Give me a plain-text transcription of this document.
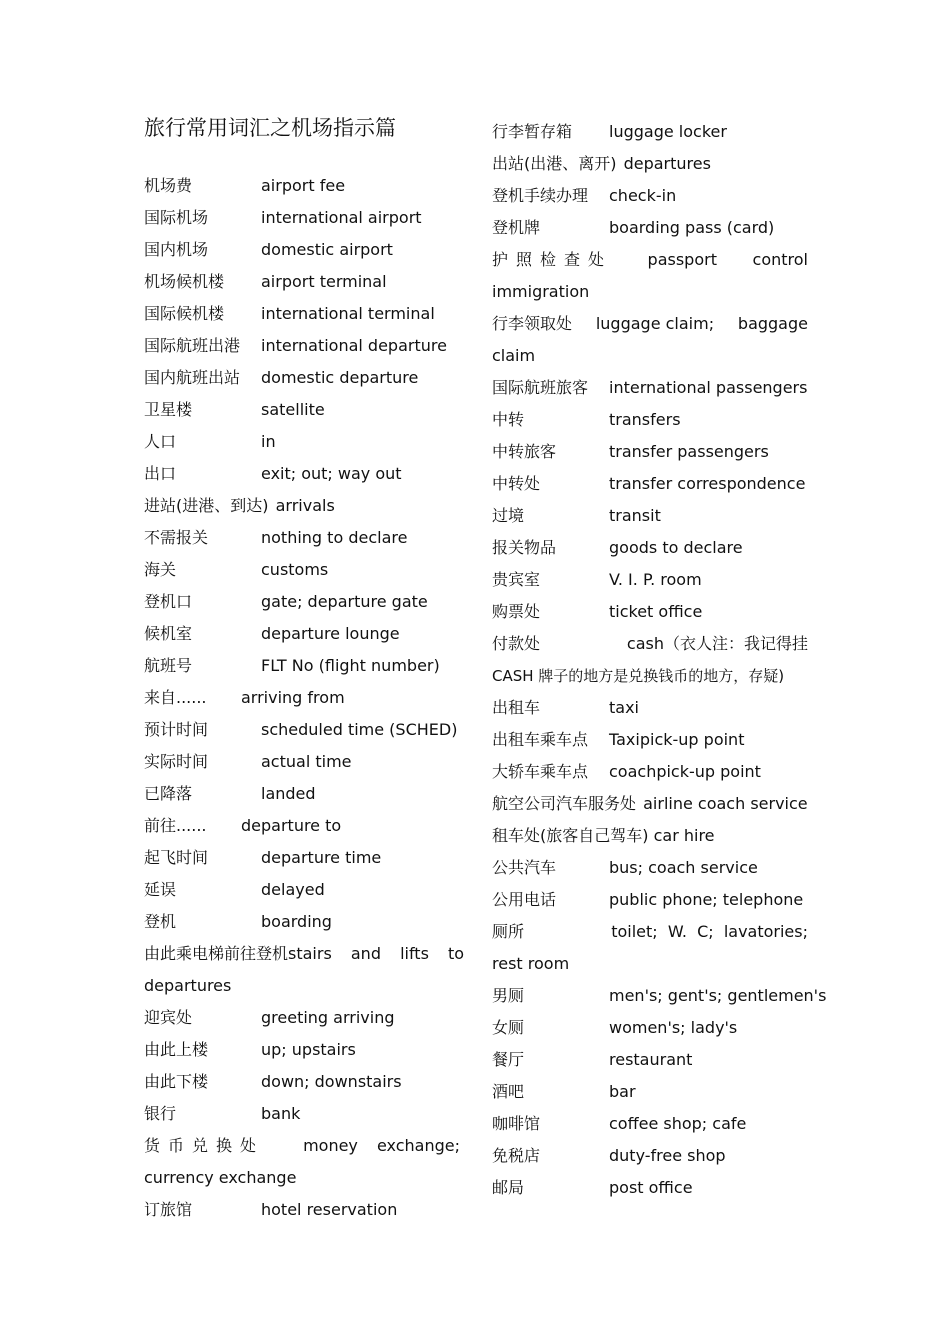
旅行常用词汇之机场指示篇
机场费	airport fee
国际机场	international airport
国内机场	domestic airport
机场候机楼 airport terminal
国际候机楼 international terminal
国际航班出港 international departure
国内航班出站 domestic departure
卫星楼	satellite
人口	in
出口	exit; out; way out
进站(进港、到达) arrivals
不需报关	nothing to declare
海关	customs
登机口	gate; departure gate
候机室	departure lounge
航班号	FLT No (flight number)
来自...... arriving from
预计时间	scheduled time (SCHED)
实际时间	actual time
已降落	landed
前往...... departure to
起飞时间	departure time
延误	delayed
登机	boarding
由此乘电梯前往登机 stairs and lifts to
departures
迎宾处	greeting arriving
由此上楼	up; upstairs
由此下楼	down; downstairs
银行	bank
货币兑换处 money exchange;
currency exchange
订旅馆	hotel reservation
行李暂存箱 luggage locker
出站(出港、离开) departures
登机手续办理 check-in
登机牌	boarding pass (card)
护照检查处 passport control
immigration
行李领取处 luggage claim; baggage
claim
国际航班旅客 international passengers
中转	transfers
中转旅客	transfer passengers
中转处	transfer correspondence
过境	transit
报关物品	goods to declare
贵宾室	V. I. P. room
购票处	ticket office
付款处	cash（衣人注：我记得挂
CASH 牌子的地方是兑换钱币的地方，存疑)
出租车	taxi
出租车乘车点 Taxipick-up point
大轿车乘车点 coachpick-up point
航空公司汽车服务处 airline coach service
租车处(旅客自己驾车) car hire
公共汽车	bus; coach service
公用电话	public phone; telephone
厕所	toilet;  W.  C;  lavatories;
rest room
男厕	men's; gent's; gentlemen's
女厕	women's; lady's
餐厅	restaurant
酒吧	bar
咖啡馆	coffee shop; cafe
免税店	duty-free shop
邮局	post office
